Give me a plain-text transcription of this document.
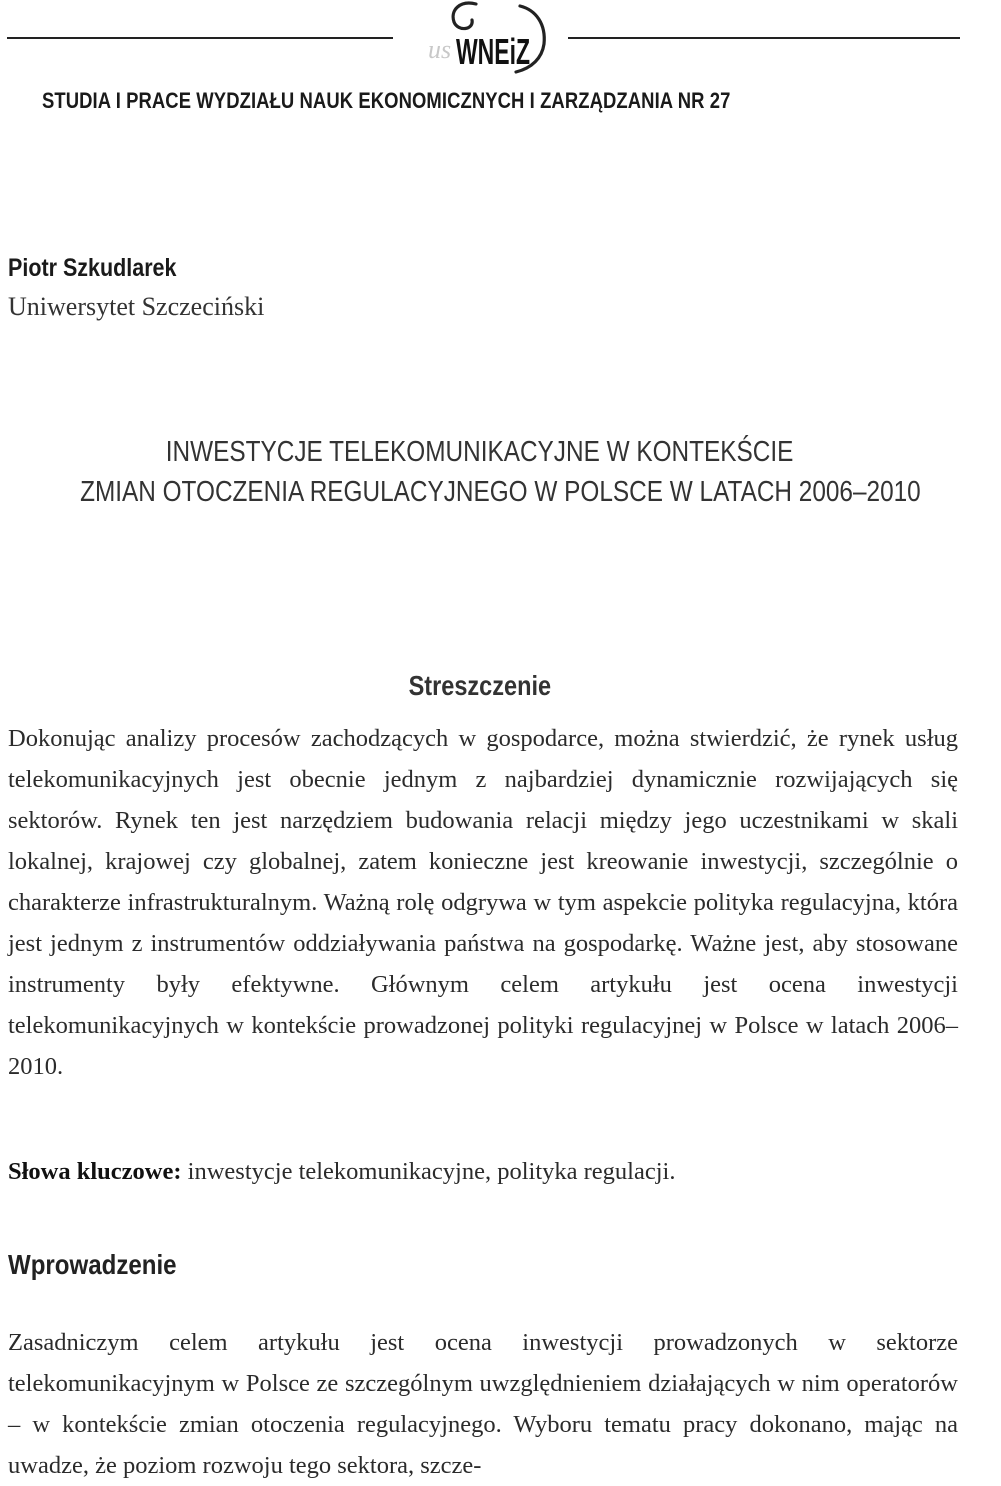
us WNEiZ
STUDIA I PRACE WYDZIAŁU NAUK EKONOMICZNYCH I ZARZĄDZANIA NR 27
Piotr Szkudlarek
Uniwersytet Szczeciński
INWESTYCJE TELEKOMUNIKACYJNE W KONTEKŚCIE
ZMIAN OTOCZENIA REGULACYJNEGO W POLSCE W LATACH 2006–2010
Streszczenie
Dokonując analizy procesów zachodzących w gospodarce, można stwierdzić, że rynek usług telekomunikacyjnych jest obecnie jednym z najbardziej dynamicznie rozwijających się sektorów. Rynek ten jest narzędziem budowania relacji między jego uczestnikami w skali lokalnej, krajowej czy globalnej, zatem konieczne jest kreowanie inwestycji, szczególnie o charakterze infrastrukturalnym. Ważną rolę odgrywa w tym aspekcie polityka regulacyjna, która jest jednym z instrumentów oddziaływania państwa na gospodarkę. Ważne jest, aby stosowane instrumenty były efektywne. Głównym celem artykułu jest ocena inwestycji telekomunikacyjnych w kontekście prowadzonej polityki regulacyjnej w Polsce w latach 2006–2010.
Słowa kluczowe: inwestycje telekomunikacyjne, polityka regulacji.
Wprowadzenie
Zasadniczym celem artykułu jest ocena inwestycji prowadzonych w sektorze telekomunikacyjnym w Polsce ze szczególnym uwzględnieniem działających w nim operatorów – w kontekście zmian otoczenia regulacyjnego. Wyboru tematu pracy dokonano, mając na uwadze, że poziom rozwoju tego sektora, szcze-
